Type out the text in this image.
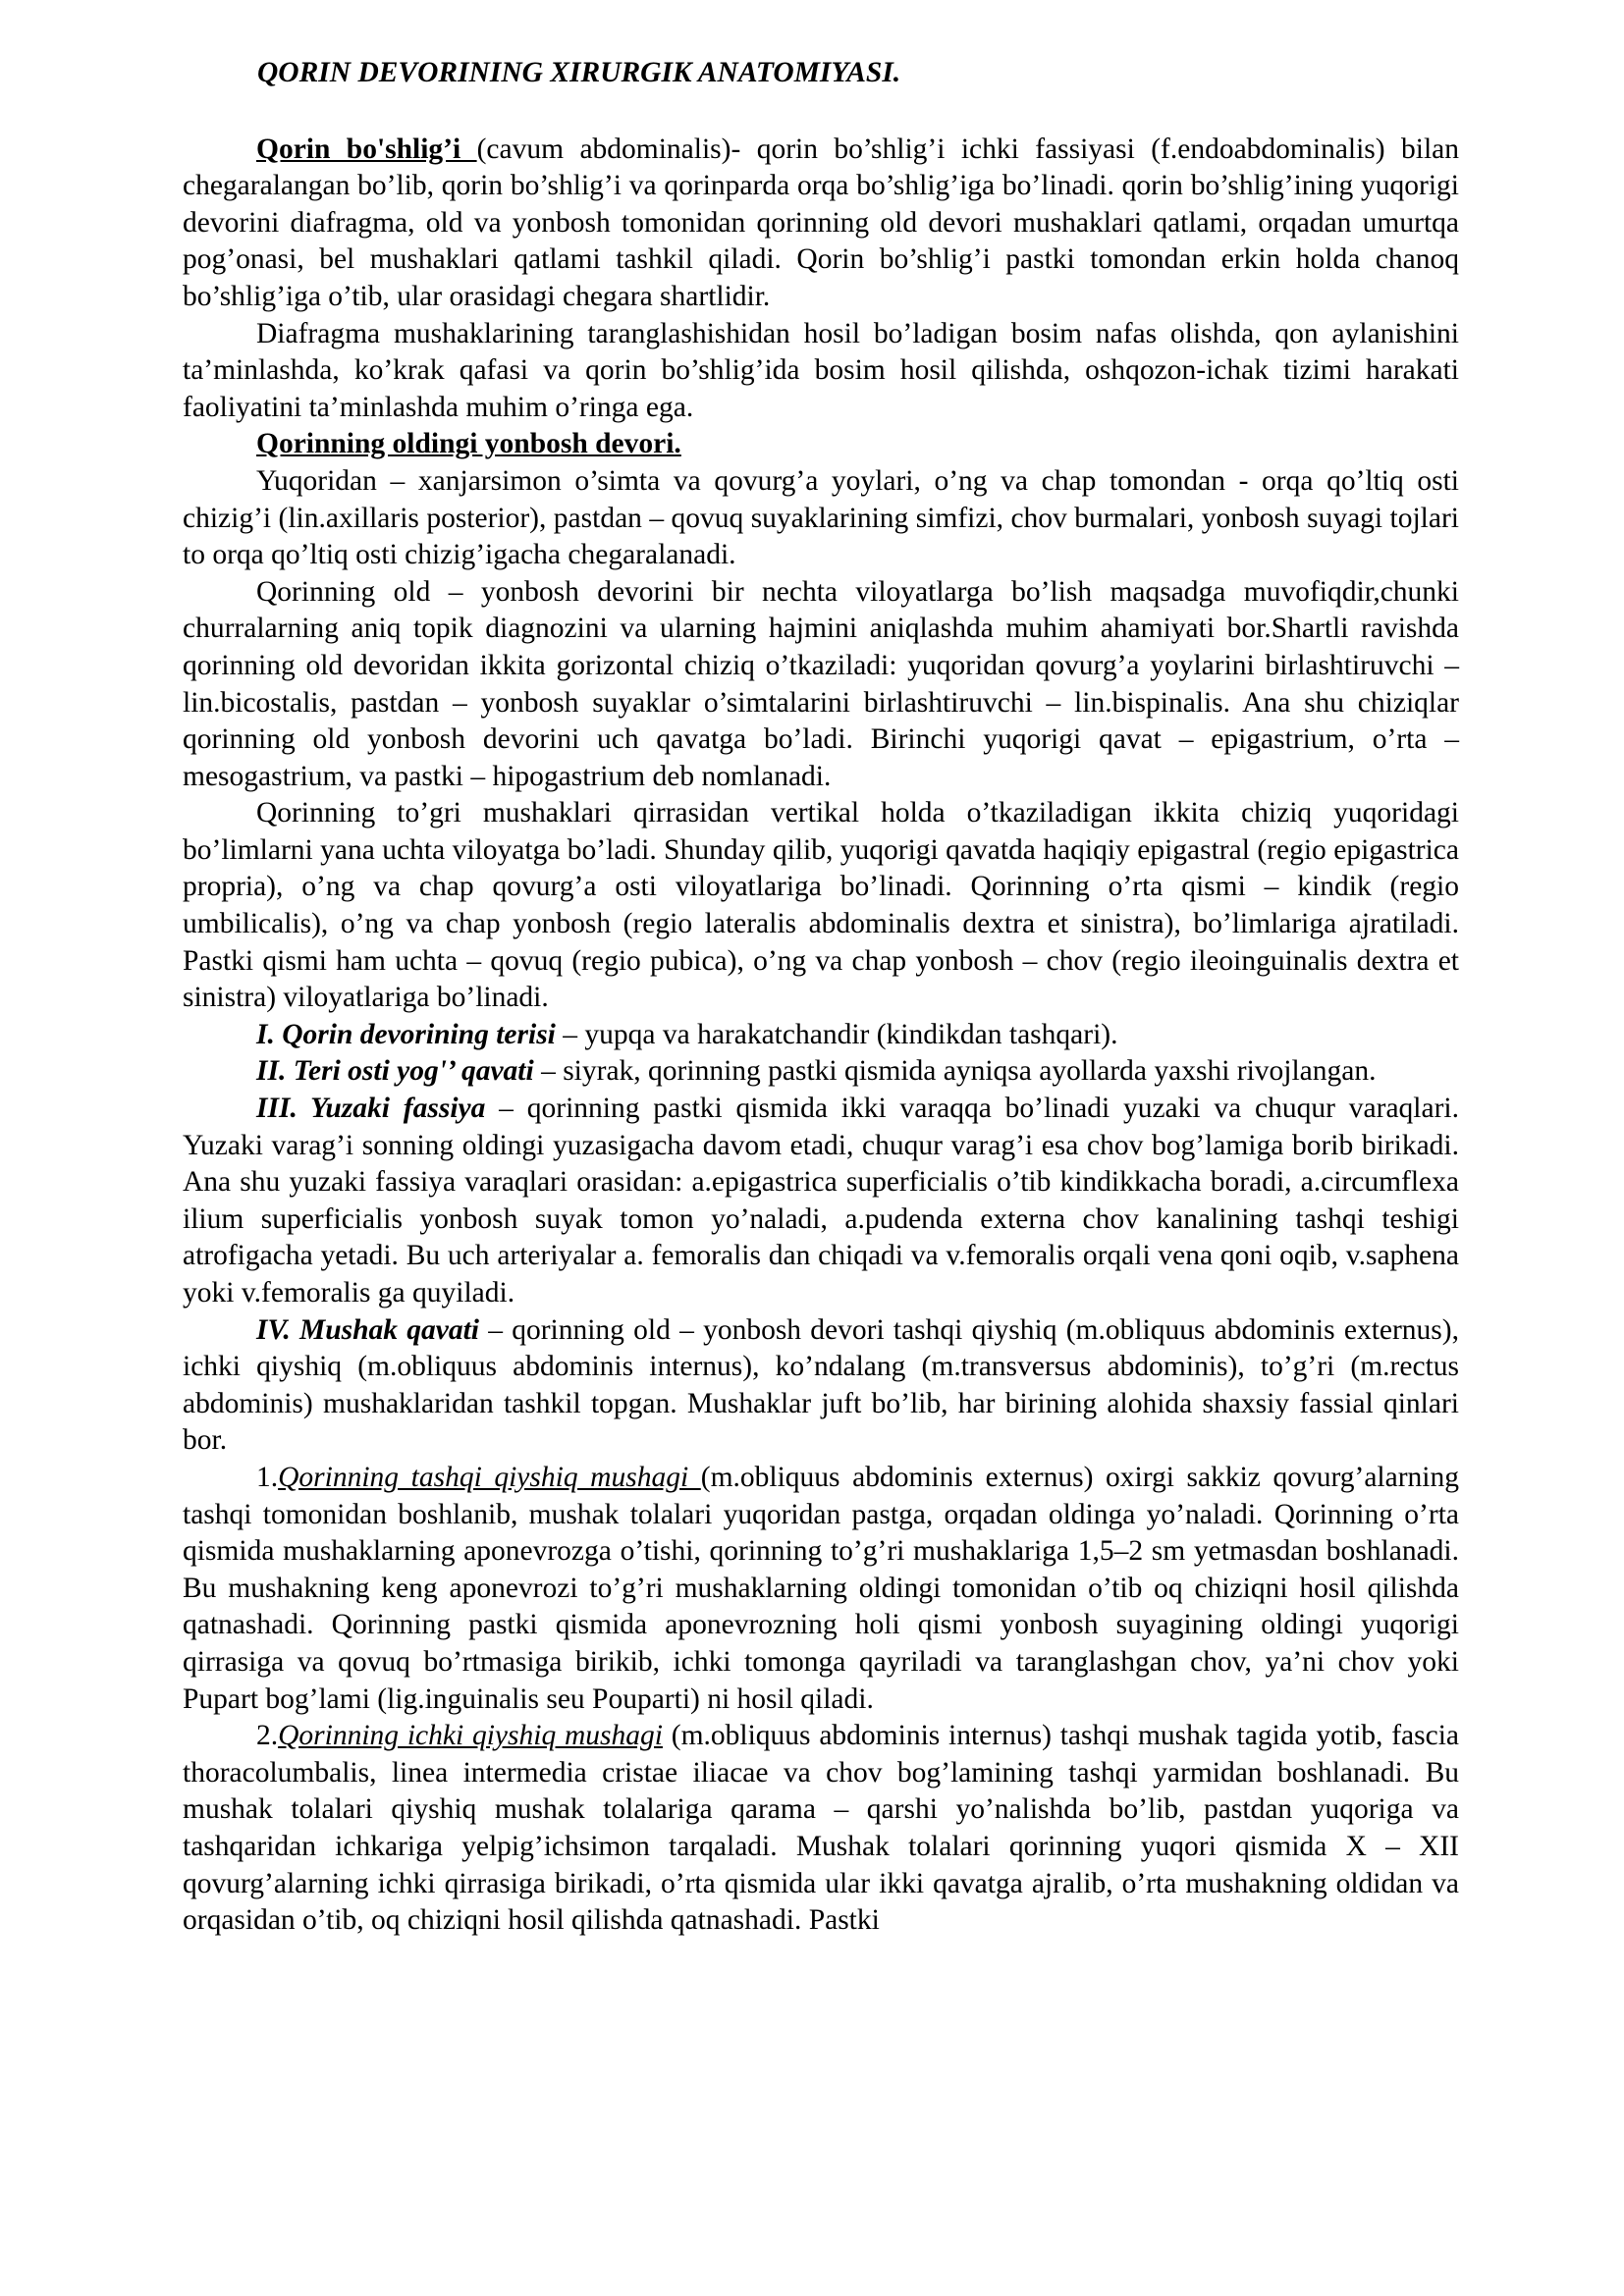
QORIN DEVORINING XIRURGIK ANATOMIYASI.

Qorin bo'shlig’i (cavum abdominalis)- qorin bo’shlig’i ichki fassiyasi (f.endoabdominalis) bilan chegaralangan bo’lib, qorin bo’shlig’i va qorinparda orqa bo’shlig’iga bo’linadi. qorin bo’shlig’ining yuqorigi devorini diafragma, old va yonbosh tomonidan qorinning old devori mushaklari qatlami, orqadan umurtqa pog’onasi, bel mushaklari qatlami tashkil qiladi. Qorin bo’shlig’i pastki tomondan erkin holda chanoq bo’shlig’iga o’tib, ular orasidagi chegara shartlidir.

Diafragma mushaklarining taranglashishidan hosil bo’ladigan bosim nafas olishda, qon aylanishini ta’minlashda, ko’krak qafasi va qorin bo’shlig’ida bosim hosil qilishda, oshqozon-ichak tizimi harakati faoliyatini ta’minlashda muhim o’ringa ega.

Qorinning oldingi yonbosh devori.

Yuqoridan – xanjarsimon o’simta va qovurg’a yoylari, o’ng va chap tomondan - orqa qo’ltiq osti chizig’i (lin.axillaris posterior), pastdan – qovuq suyaklarining simfizi, chov burmalari, yonbosh suyagi tojlari to orqa qo’ltiq osti chizig’igacha chegaralanadi.

Qorinning old – yonbosh devorini bir nechta viloyatlarga bo’lish maqsadga muvofiqdir,chunki churralarning aniq topik diagnozini va ularning hajmini aniqlashda muhim ahamiyati bor.Shartli ravishda qorinning old devoridan ikkita gorizontal chiziq o’tkaziladi: yuqoridan qovurg’a yoylarini birlashtiruvchi – lin.bicostalis, pastdan – yonbosh suyaklar o’simtalarini birlashtiruvchi – lin.bispinalis. Ana shu chiziqlar qorinning old yonbosh devorini uch qavatga bo’ladi. Birinchi yuqorigi qavat – epigastrium, o’rta – mesogastrium, va pastki – hipogastrium deb nomlanadi.

Qorinning to’gri mushaklari qirrasidan vertikal holda o’tkaziladigan ikkita chiziq yuqoridagi bo’limlarni yana uchta viloyatga bo’ladi. Shunday qilib, yuqorigi qavatda haqiqiy epigastral (regio epigastrica propria), o’ng va chap qovurg’a osti viloyatlariga bo’linadi. Qorinning o’rta qismi – kindik (regio umbilicalis), o’ng va chap yonbosh (regio lateralis abdominalis dextra et sinistra), bo’limlariga ajratiladi. Pastki qismi ham uchta – qovuq (regio pubica), o’ng va chap yonbosh – chov (regio ileoinguinalis dextra et sinistra) viloyatlariga bo’linadi.

I. Qorin devorining terisi – yupqa va harakatchandir (kindikdan tashqari).

II. Teri osti yog'’ qavati – siyrak, qorinning pastki qismida ayniqsa ayollarda yaxshi rivojlangan.

III. Yuzaki fassiya – qorinning pastki qismida ikki varaqqa bo’linadi yuzaki va chuqur varaqlari. Yuzaki varag’i sonning oldingi yuzasigacha davom etadi, chuqur varag’i esa chov bog’lamiga borib birikadi. Ana shu yuzaki fassiya varaqlari orasidan: a.epigastrica superficialis o’tib kindikkacha boradi, a.circumflexa ilium superficialis yonbosh suyak tomon yo’naladi, a.pudenda externa chov kanalining tashqi teshigi atrofigacha yetadi. Bu uch arteriyalar a. femoralis dan chiqadi va v.femoralis orqali vena qoni oqib, v.saphena yoki v.femoralis ga quyiladi.

IV. Mushak qavati – qorinning old – yonbosh devori tashqi qiyshiq (m.obliquus abdominis externus), ichki qiyshiq (m.obliquus abdominis internus), ko’ndalang (m.transversus abdominis), to’g’ri (m.rectus abdominis) mushaklaridan tashkil topgan. Mushaklar juft bo’lib, har birining alohida shaxsiy fassial qinlari bor.

1.Qorinning tashqi qiyshiq mushagi (m.obliquus abdominis externus) oxirgi sakkiz qovurg’alarning tashqi tomonidan boshlanib, mushak tolalari yuqoridan pastga, orqadan oldinga yo’naladi. Qorinning o’rta qismida mushaklarning aponevrozga o’tishi, qorinning to’g’ri mushaklariga 1,5–2 sm yetmasdan boshlanadi. Bu mushakning keng aponevrozi to’g’ri mushaklarning oldingi tomonidan o’tib oq chiziqni hosil qilishda qatnashadi. Qorinning pastki qismida aponevrozning holi qismi yonbosh suyagining oldingi yuqorigi qirrasiga va qovuq bo’rtmasiga birikib, ichki tomonga qayriladi va taranglashgan chov, ya’ni chov yoki Pupart bog’lami (lig.inguinalis seu Pouparti) ni hosil qiladi.

2.Qorinning ichki qiyshiq mushagi (m.obliquus abdominis internus) tashqi mushak tagida yotib, fascia thoracolumbalis, linea intermedia cristae iliacae va chov bog’lamining tashqi yarmidan boshlanadi. Bu mushak tolalari qiyshiq mushak tolalariga qarama – qarshi yo’nalishda bo’lib, pastdan yuqoriga va tashqaridan ichkariga yelpig’ichsimon tarqaladi. Mushak tolalari qorinning yuqori qismida X – XII qovurg’alarning ichki qirrasiga birikadi, o’rta qismida ular ikki qavatga ajralib, o’rta mushakning oldidan va orqasidan o’tib, oq chiziqni hosil qilishda qatnashadi. Pastki
